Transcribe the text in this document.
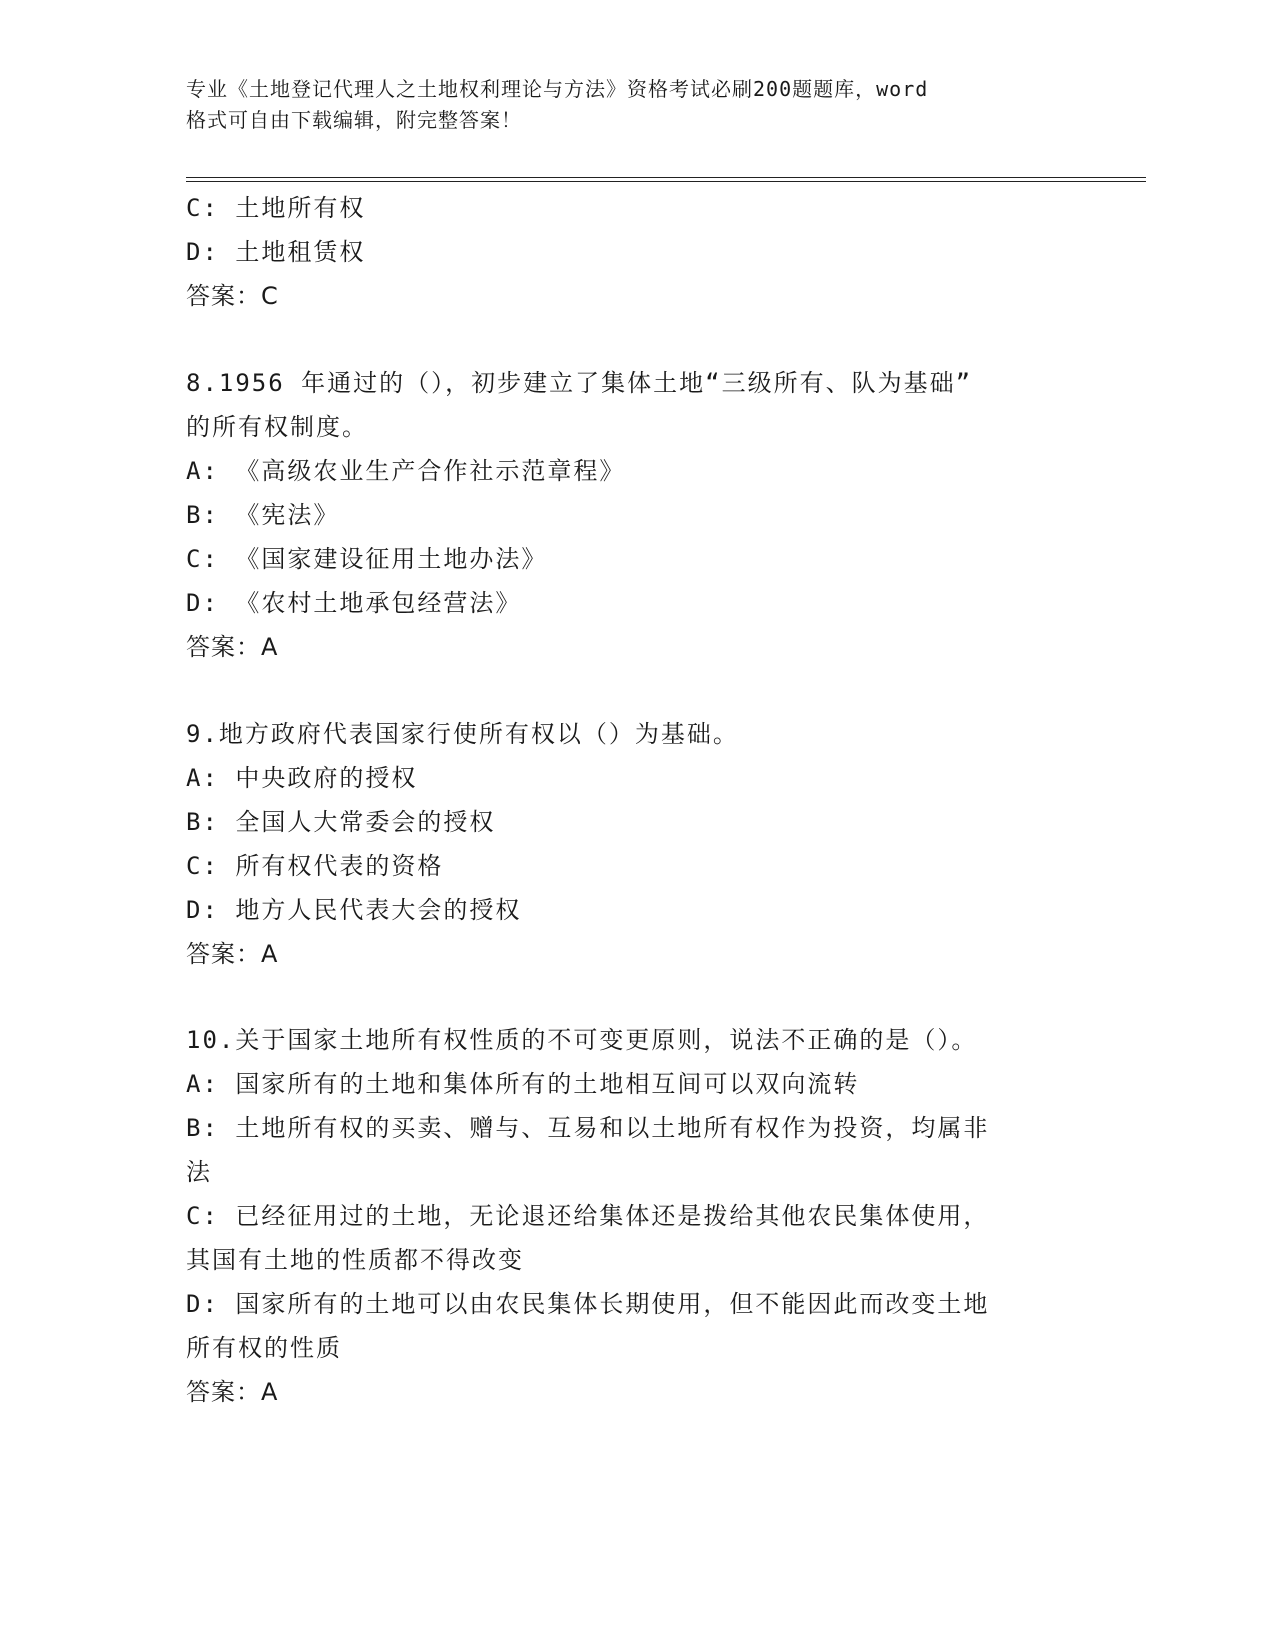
专业《土地登记代理人之土地权利理论与方法》资格考试必刷200题题库，word
格式可自由下载编辑，附完整答案！
C: 土地所有权
D: 土地租赁权
答案：C
8.1956 年通过的（），初步建立了集体土地“三级所有、队为基础”
的所有权制度。
A: 《高级农业生产合作社示范章程》
B: 《宪法》
C: 《国家建设征用土地办法》
D: 《农村土地承包经营法》
答案：A
9.地方政府代表国家行使所有权以（）为基础。
A: 中央政府的授权
B: 全国人大常委会的授权
C: 所有权代表的资格
D: 地方人民代表大会的授权
答案：A
10.关于国家土地所有权性质的不可变更原则，说法不正确的是（）。
A: 国家所有的土地和集体所有的土地相互间可以双向流转
B: 土地所有权的买卖、赠与、互易和以土地所有权作为投资，均属非
法
C: 已经征用过的土地，无论退还给集体还是拨给其他农民集体使用，
其国有土地的性质都不得改变
D: 国家所有的土地可以由农民集体长期使用，但不能因此而改变土地
所有权的性质
答案：A
